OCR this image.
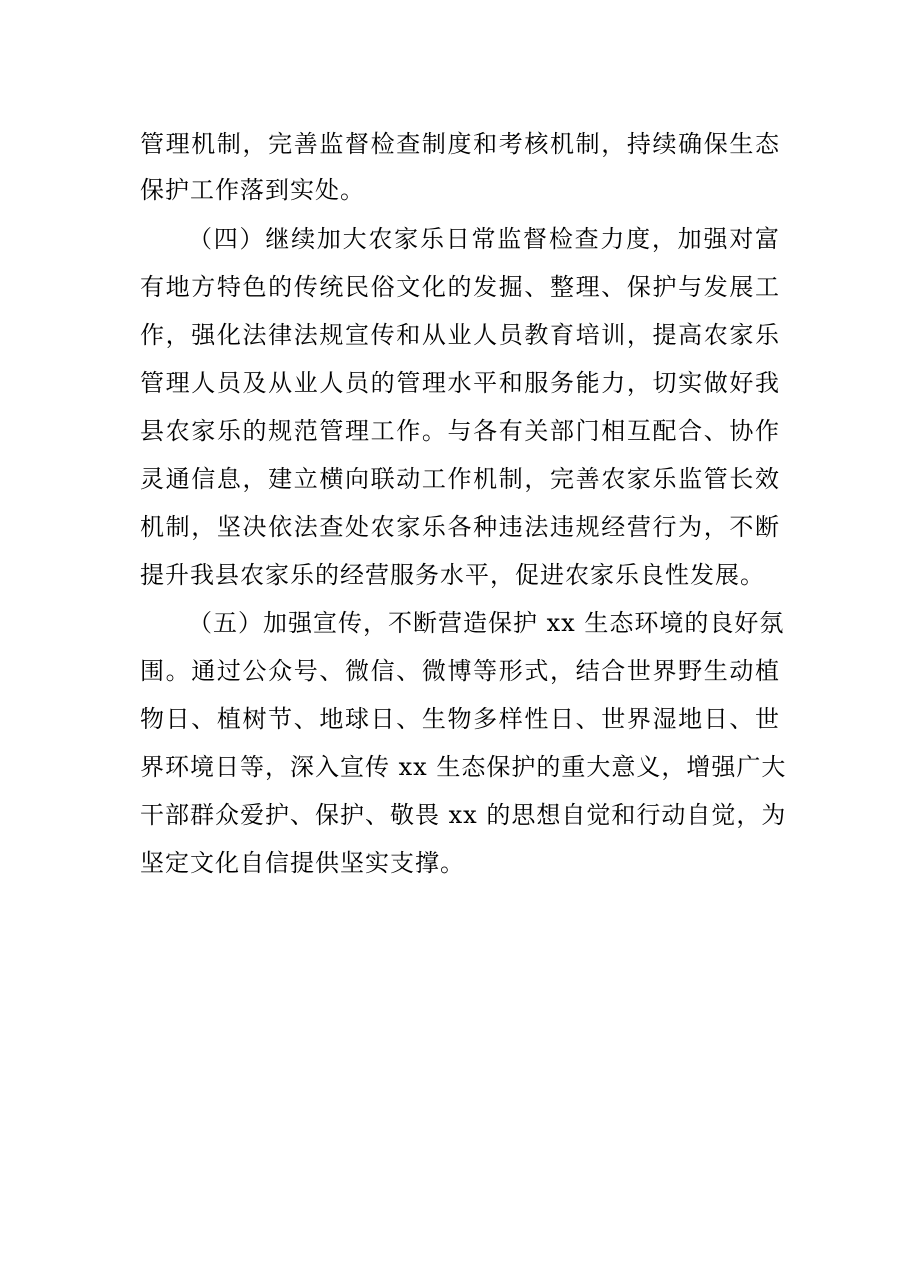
管理机制，完善监督检查制度和考核机制，持续确保生态
保护工作落到实处。
（四）继续加大农家乐日常监督检查力度，加强对富
有地方特色的传统民俗文化的发掘、整理、保护与发展工
作，强化法律法规宣传和从业人员教育培训，提高农家乐
管理人员及从业人员的管理水平和服务能力，切实做好我
县农家乐的规范管理工作。与各有关部门相互配合、协作
灵通信息，建立横向联动工作机制，完善农家乐监管长效
机制，坚决依法查处农家乐各种违法违规经营行为，不断
提升我县农家乐的经营服务水平，促进农家乐良性发展。
（五）加强宣传，不断营造保护 xx 生态环境的良好氛
围。通过公众号、微信、微博等形式，结合世界野生动植
物日、植树节、地球日、生物多样性日、世界湿地日、世
界环境日等，深入宣传 xx 生态保护的重大意义，增强广大
干部群众爱护、保护、敬畏 xx 的思想自觉和行动自觉，为
坚定文化自信提供坚实支撑。
